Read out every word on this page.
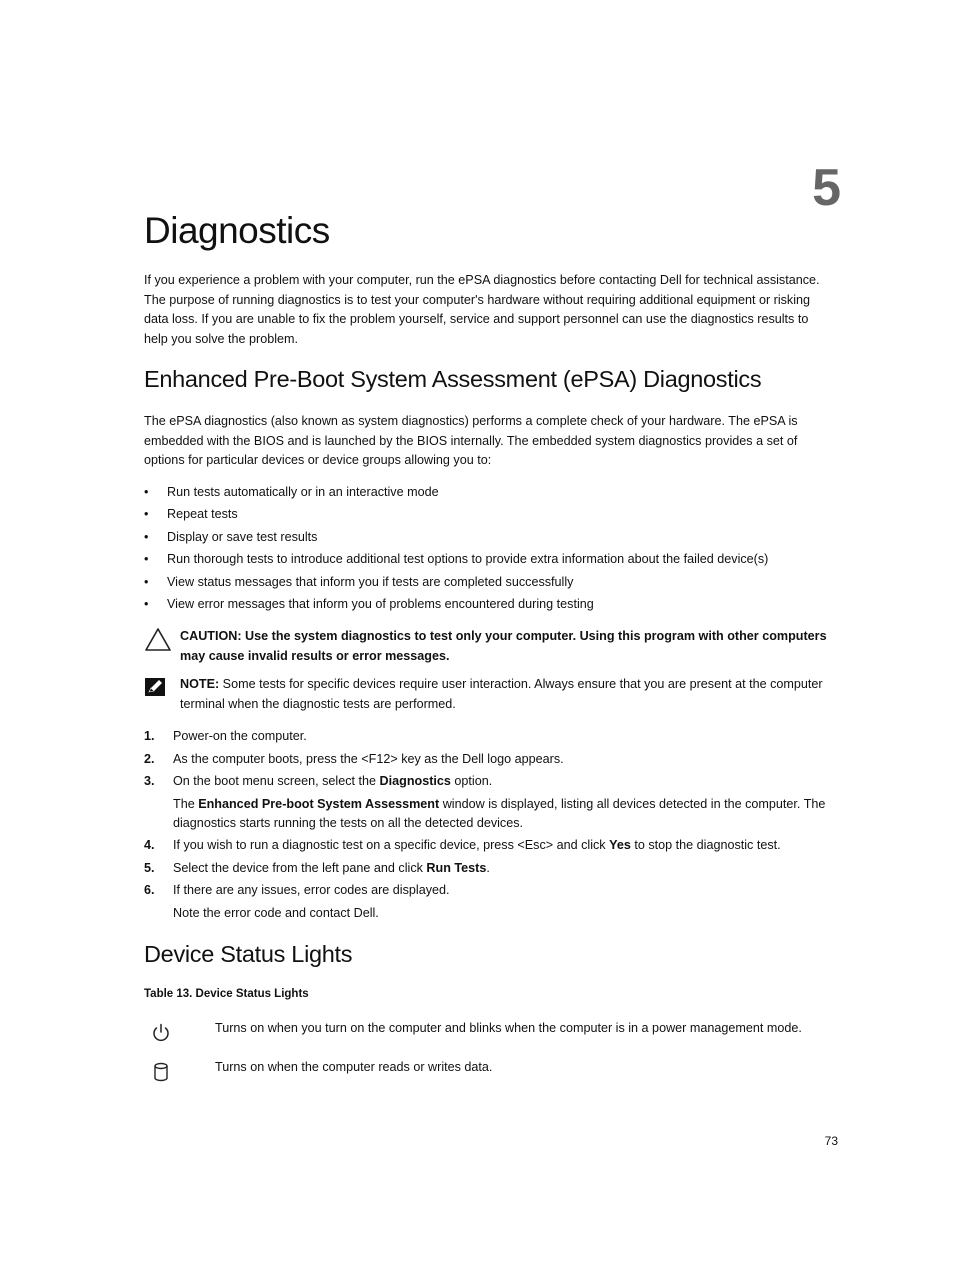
5
Diagnostics

If you experience a problem with your computer, run the ePSA diagnostics before contacting Dell for technical assistance. The purpose of running diagnostics is to test your computer's hardware without requiring additional equipment or risking data loss. If you are unable to fix the problem yourself, service and support personnel can use the diagnostics results to help you solve the problem.

Enhanced Pre-Boot System Assessment (ePSA) Diagnostics

The ePSA diagnostics (also known as system diagnostics) performs a complete check of your hardware. The ePSA is embedded with the BIOS and is launched by the BIOS internally. The embedded system diagnostics provides a set of options for particular devices or device groups allowing you to:

• Run tests automatically or in an interactive mode
• Repeat tests
• Display or save test results
• Run thorough tests to introduce additional test options to provide extra information about the failed device(s)
• View status messages that inform you if tests are completed successfully
• View error messages that inform you of problems encountered during testing
CAUTION: Use the system diagnostics to test only your computer. Using this program with other computers may cause invalid results or error messages.
NOTE: Some tests for specific devices require user interaction. Always ensure that you are present at the computer terminal when the diagnostic tests are performed.
1. Power-on the computer.
2. As the computer boots, press the <F12> key as the Dell logo appears.
3. On the boot menu screen, select the Diagnostics option.

The Enhanced Pre-boot System Assessment window is displayed, listing all devices detected in the computer. The diagnostics starts running the tests on all the detected devices.

4. If you wish to run a diagnostic test on a specific device, press <Esc> and click Yes to stop the diagnostic test.
5. Select the device from the left pane and click Run Tests.
6. If there are any issues, error codes are displayed.

Note the error code and contact Dell.

Device Status Lights
Table 13. Device Status Lights
Turns on when you turn on the computer and blinks when the computer is in a power management mode.
Turns on when the computer reads or writes data.
73
